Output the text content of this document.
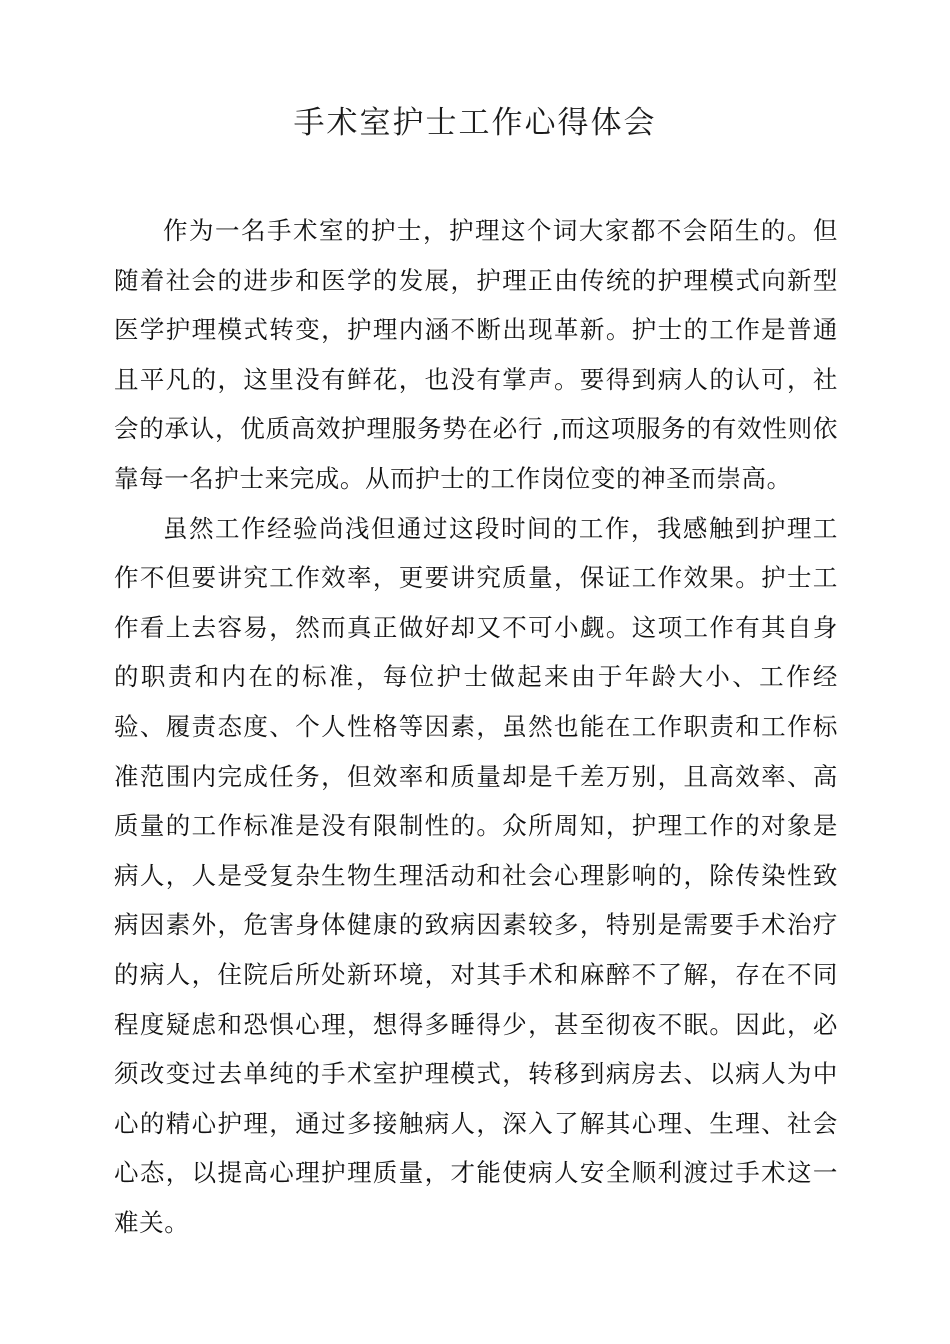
手术室护士工作心得体会

作为一名手术室的护士，护理这个词大家都不会陌生的。但随着社会的进步和医学的发展，护理正由传统的护理模式向新型医学护理模式转变，护理内涵不断出现革新。护士的工作是普通且平凡的，这里没有鲜花，也没有掌声。要得到病人的认可，社会的承认，优质高效护理服务势在必行 ,而这项服务的有效性则依靠每一名护士来完成。从而护士的工作岗位变的神圣而崇高。

虽然工作经验尚浅但通过这段时间的工作，我感触到护理工作不但要讲究工作效率，更要讲究质量，保证工作效果。护士工作看上去容易，然而真正做好却又不可小觑。这项工作有其自身的职责和内在的标准，每位护士做起来由于年龄大小、工作经验、履责态度、个人性格等因素，虽然也能在工作职责和工作标准范围内完成任务，但效率和质量却是千差万别，且高效率、高质量的工作标准是没有限制性的。众所周知，护理工作的对象是病人，人是受复杂生物生理活动和社会心理影响的，除传染性致病因素外，危害身体健康的致病因素较多，特别是需要手术治疗的病人，住院后所处新环境，对其手术和麻醉不了解，存在不同程度疑虑和恐惧心理，想得多睡得少，甚至彻夜不眠。因此，必须改变过去单纯的手术室护理模式，转移到病房去、以病人为中心的精心护理，通过多接触病人，深入了解其心理、生理、社会心态，以提高心理护理质量，才能使病人安全顺利渡过手术这一难关。
